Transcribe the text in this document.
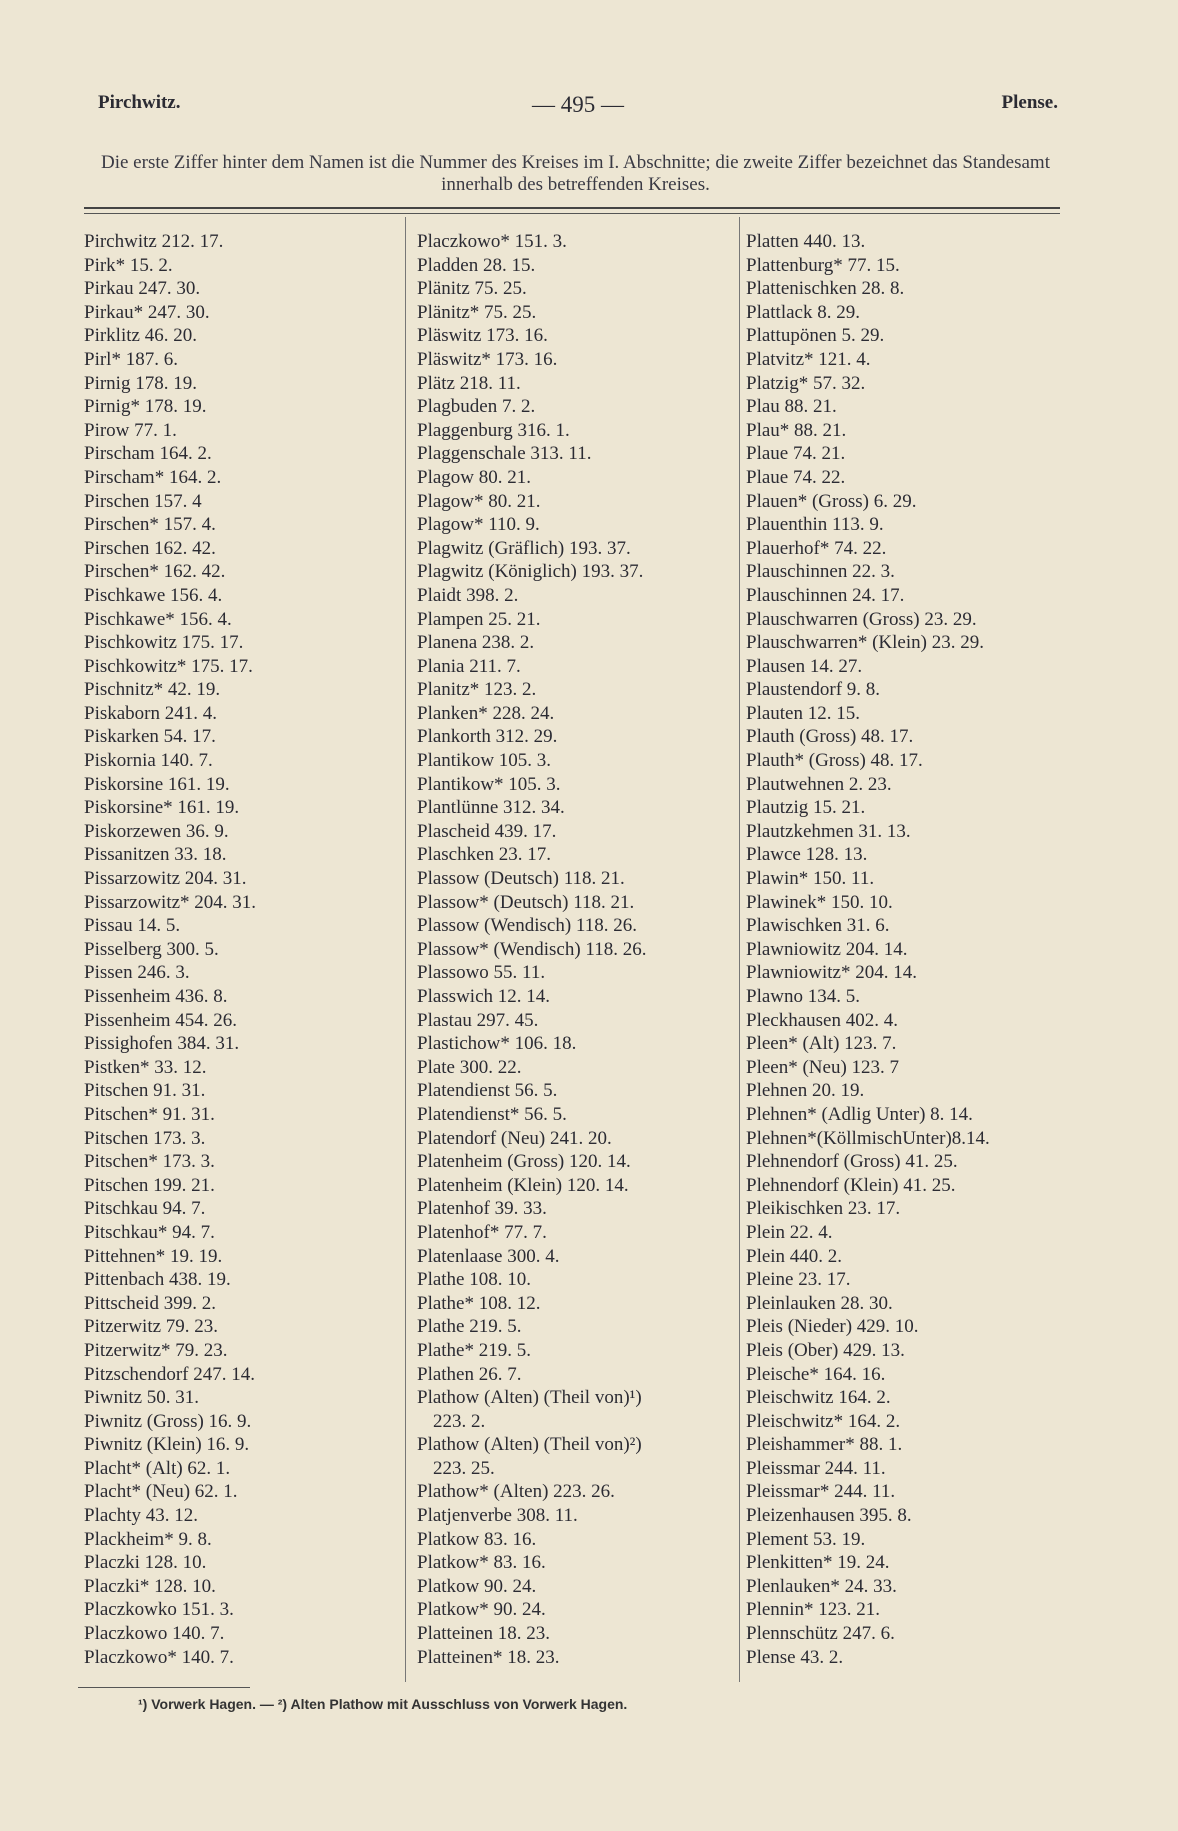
Pirchwitz.	— 495 —	Plense.
Die erste Ziffer hinter dem Namen ist die Nummer des Kreises im I. Abschnitte; die zweite Ziffer bezeichnet das Standesamt innerhalb des betreffenden Kreises.
Pirchwitz 212. 17.
Pirk* 15. 2.
Pirkau 247. 30.
Pirkau* 247. 30.
Pirklitz 46. 20.
Pirl* 187. 6.
Pirnig 178. 19.
Pirnig* 178. 19.
Pirow 77. 1.
Pirscham 164. 2.
Pirscham* 164. 2.
Pirschen 157. 4
Pirschen* 157. 4.
Pirschen 162. 42.
Pirschen* 162. 42.
Pischkawe 156. 4.
Pischkawe* 156. 4.
Pischkowitz 175. 17.
Pischkowitz* 175. 17.
Pischnitz* 42. 19.
Piskaborn 241. 4.
Piskarken 54. 17.
Piskornia 140. 7.
Piskorsine 161. 19.
Piskorsine* 161. 19.
Piskorzewen 36. 9.
Pissanitzen 33. 18.
Pissarzowitz 204. 31.
Pissarzowitz* 204. 31.
Pissau 14. 5.
Pisselberg 300. 5.
Pissen 246. 3.
Pissenheim 436. 8.
Pissenheim 454. 26.
Pissighofen 384. 31.
Pistken* 33. 12.
Pitschen 91. 31.
Pitschen* 91. 31.
Pitschen 173. 3.
Pitschen* 173. 3.
Pitschen 199. 21.
Pitschkau 94. 7.
Pitschkau* 94. 7.
Pittehnen* 19. 19.
Pittenbach 438. 19.
Pittscheid 399. 2.
Pitzerwitz 79. 23.
Pitzerwitz* 79. 23.
Pitzschendorf 247. 14.
Piwnitz 50. 31.
Piwnitz (Gross) 16. 9.
Piwnitz (Klein) 16. 9.
Placht* (Alt) 62. 1.
Placht* (Neu) 62. 1.
Plachty 43. 12.
Plackheim* 9. 8.
Placzki 128. 10.
Placzki* 128. 10.
Placzkowko 151. 3.
Placzkowo 140. 7.
Placzkowo* 140. 7.
Placzkowo* 151. 3.
Pladden 28. 15.
Plänitz 75. 25.
Plänitz* 75. 25.
Pläswitz 173. 16.
Pläswitz* 173. 16.
Plätz 218. 11.
Plagbuden 7. 2.
Plaggenburg 316. 1.
Plaggenschale 313. 11.
Plagow 80. 21.
Plagow* 80. 21.
Plagow* 110. 9.
Plagwitz (Gräflich) 193. 37.
Plagwitz (Königlich) 193. 37.
Plaidt 398. 2.
Plampen 25. 21.
Planena 238. 2.
Plania 211. 7.
Planitz* 123. 2.
Planken* 228. 24.
Plankorth 312. 29.
Plantikow 105. 3.
Plantikow* 105. 3.
Plantlünne 312. 34.
Plascheid 439. 17.
Plaschken 23. 17.
Plassow (Deutsch) 118. 21.
Plassow* (Deutsch) 118. 21.
Plassow (Wendisch) 118. 26.
Plassow* (Wendisch) 118. 26.
Plassowo 55. 11.
Plasswich 12. 14.
Plastau 297. 45.
Plastichow* 106. 18.
Plate 300. 22.
Platendienst 56. 5.
Platendienst* 56. 5.
Platendorf (Neu) 241. 20.
Platenheim (Gross) 120. 14.
Platenheim (Klein) 120. 14.
Platenhof 39. 33.
Platenhof* 77. 7.
Platenlaase 300. 4.
Plathe 108. 10.
Plathe* 108. 12.
Plathe 219. 5.
Plathe* 219. 5.
Plathen 26. 7.
Plathow (Alten) (Theil von)¹)
223. 2.
Plathow (Alten) (Theil von)²)
223. 25.
Plathow* (Alten) 223. 26.
Platjenverbe 308. 11.
Platkow 83. 16.
Platkow* 83. 16.
Platkow 90. 24.
Platkow* 90. 24.
Platteinen 18. 23.
Platteinen* 18. 23.
Platten 440. 13.
Plattenburg* 77. 15.
Plattenischken 28. 8.
Plattlack 8. 29.
Plattupönen 5. 29.
Platvitz* 121. 4.
Platzig* 57. 32.
Plau 88. 21.
Plau* 88. 21.
Plaue 74. 21.
Plaue 74. 22.
Plauen* (Gross) 6. 29.
Plauenthin 113. 9.
Plauerhof* 74. 22.
Plauschinnen 22. 3.
Plauschinnen 24. 17.
Plauschwarren (Gross) 23. 29.
Plauschwarren* (Klein) 23. 29.
Plausen 14. 27.
Plaustendorf 9. 8.
Plauten 12. 15.
Plauth (Gross) 48. 17.
Plauth* (Gross) 48. 17.
Plautwehnen 2. 23.
Plautzig 15. 21.
Plautzkehmen 31. 13.
Plawce 128. 13.
Plawin* 150. 11.
Plawinek* 150. 10.
Plawischken 31. 6.
Plawniowitz 204. 14.
Plawniowitz* 204. 14.
Plawno 134. 5.
Pleckhausen 402. 4.
Pleen* (Alt) 123. 7.
Pleen* (Neu) 123. 7
Plehnen 20. 19.
Plehnen* (Adlig Unter) 8. 14.
Plehnen*(KöllmischUnter)8.14.
Plehnendorf (Gross) 41. 25.
Plehnendorf (Klein) 41. 25.
Pleikischken 23. 17.
Plein 22. 4.
Plein 440. 2.
Pleine 23. 17.
Pleinlauken 28. 30.
Pleis (Nieder) 429. 10.
Pleis (Ober) 429. 13.
Pleische* 164. 16.
Pleischwitz 164. 2.
Pleischwitz* 164. 2.
Pleishammer* 88. 1.
Pleissmar 244. 11.
Pleissmar* 244. 11.
Pleizenhausen 395. 8.
Plement 53. 19.
Plenkitten* 19. 24.
Plenlauken* 24. 33.
Plennin* 123. 21.
Plennschütz 247. 6.
Plense 43. 2.
¹) Vorwerk Hagen. — ²) Alten Plathow mit Ausschluss von Vorwerk Hagen.
